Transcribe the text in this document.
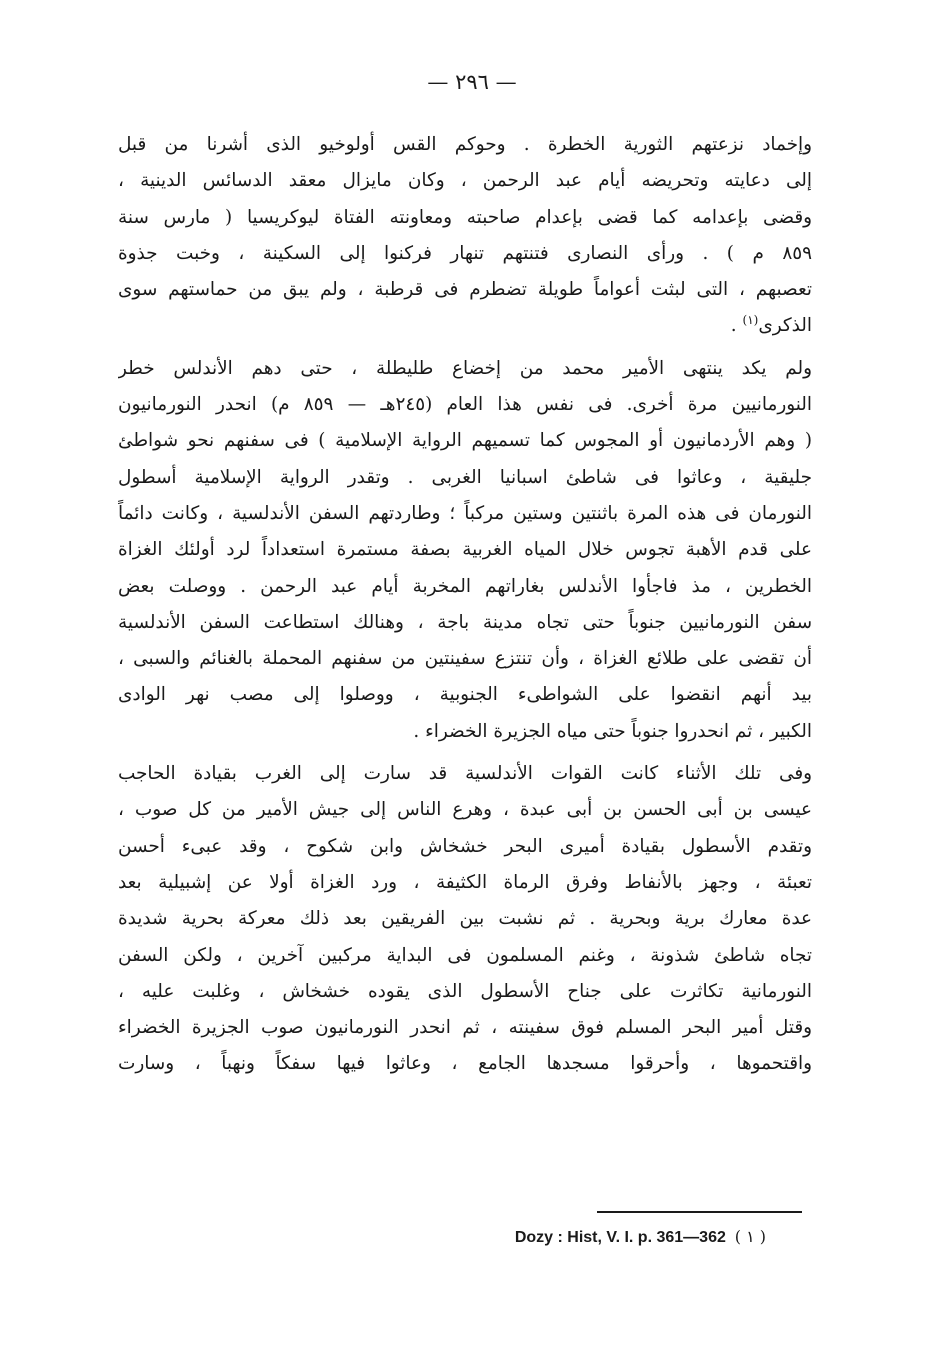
— ٢٩٦ —
وإخماد نزعتهم الثورية الخطرة . وحوكم القس أولوخيو الذى أشرنا من قبل
إلى دعايته وتحريضه أيام عبد الرحمن ، وكان مايزال معقد الدسائس الدينية ،
وقضى بإعدامه كما قضى بإعدام صاحبته ومعاونته الفتاة ليوكريسيا ( مارس سنة
٨٥٩ م ) . ورأى النصارى فتنتهم تنهار فركنوا إلى السكينة ، وخبت جذوة
تعصبهم ، التى لبثت أعواماً طويلة تضطرم فى قرطبة ، ولم يبق من حماستهم سوى
الذكرى$^{(١)}$ .
ولم يكد ينتهى الأمير محمد من إخضاع طليطلة ، حتى دهم الأندلس خطر
النورمانيين مرة أخرى. فى نفس هذا العام (٢٤٥هـ — ٨٥٩ م) انحدر النورمانيون
( وهم الأردمانيون أو المجوس كما تسميهم الرواية الإسلامية ) فى سفنهم نحو شواطئ
جليقية ، وعاثوا فى شاطئ اسبانيا الغربى . وتقدر الرواية الإسلامية أسطول
النورمان فى هذه المرة باثنتين وستين مركباً ؛ وطاردتهم السفن الأندلسية ، وكانت دائماً
على قدم الأهبة تجوس خلال المياه الغربية بصفة مستمرة استعداداً لرد أولئك الغزاة
الخطرين ، مذ فاجأوا الأندلس بغاراتهم المخربة أيام عبد الرحمن . ووصلت بعض
سفن النورمانيين جنوباً حتى تجاه مدينة باجة ، وهنالك استطاعت السفن الأندلسية
أن تقضى على طلائع الغزاة ، وأن تنتزع سفينتين من سفنهم المحملة بالغنائم والسبى ،
بيد أنهم انقضوا على الشواطىء الجنوبية ، ووصلوا إلى مصب نهر الوادى
الكبير ، ثم انحدروا جنوباً حتى مياه الجزيرة الخضراء .
وفى تلك الأثناء كانت القوات الأندلسية قد سارت إلى الغرب بقيادة الحاجب
عيسى بن أبى الحسن بن أبى عبدة ، وهرع الناس إلى جيش الأمير من كل صوب ،
وتقدم الأسطول بقيادة أميرى البحر خشخاش وابن شكوح ، وقد عبىء أحسن
تعبئة ، وجهز بالأنفاط وفرق الرماة الكثيفة ، ورد الغزاة أولا عن إشبيلية بعد
عدة معارك برية وبحرية . ثم نشبت بين الفريقين بعد ذلك معركة بحرية شديدة
تجاه شاطئ شذونة ، وغنم المسلمون فى البداية مركبين آخرين ، ولكن السفن
النورمانية تكاثرت على جناح الأسطول الذى يقوده خشخاش ، وغلبت عليه ،
وقتل أمير البحر المسلم فوق سفينته ، ثم انحدر النورمانيون صوب الجزيرة الخضراء
واقتحموها ، وأحرقوا مسجدها الجامع ، وعاثوا فيها سفكاً ونهباً ، وسارت
Dozy : Hist, V. I. p. 361—362 ( ١ )
